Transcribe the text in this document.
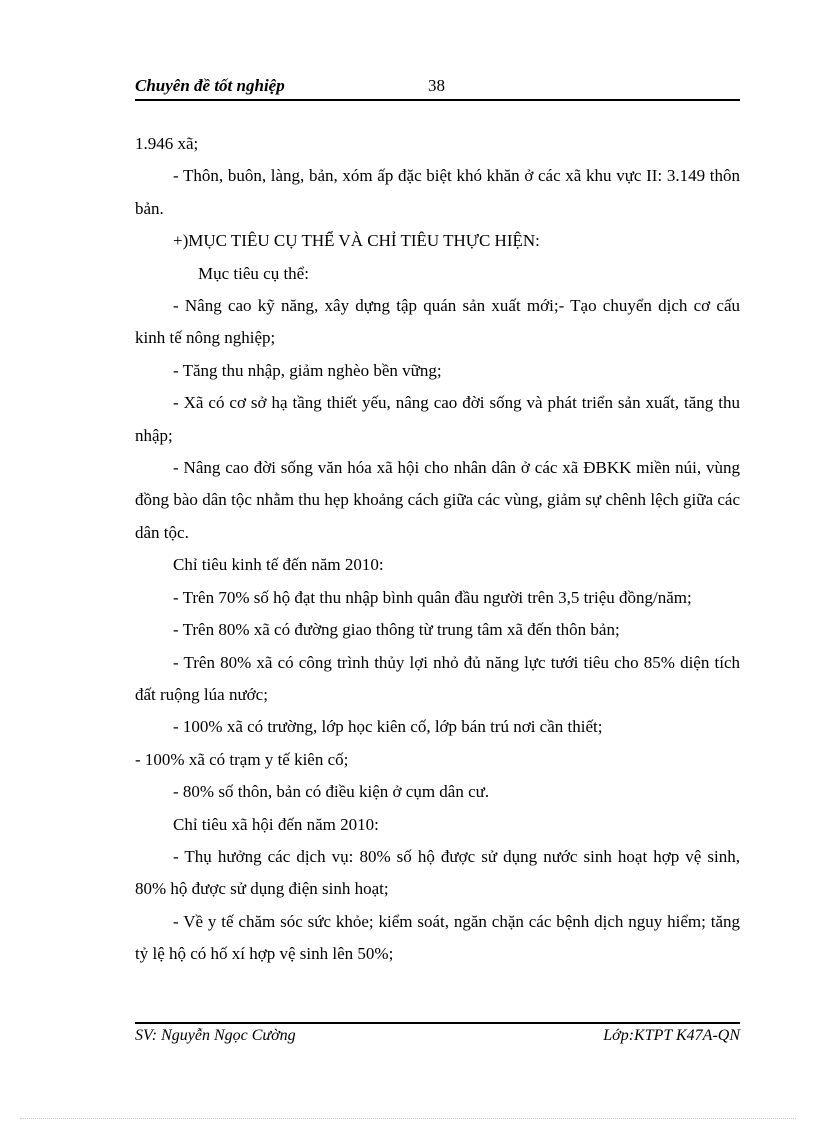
Chuyên đề tốt nghiệp	38

1.946 xã;

- Thôn, buôn, làng, bản, xóm ấp đặc biệt khó khăn ở các xã khu vực II: 3.149 thôn bản.

+)MỤC TIÊU CỤ THỂ VÀ CHỈ TIÊU THỰC HIỆN:

Mục tiêu cụ thể:

- Nâng cao kỹ năng, xây dựng tập quán sản xuất mới;- Tạo chuyển dịch cơ cấu kinh tế nông nghiệp;

- Tăng thu nhập, giảm nghèo bền vững;

- Xã có cơ sở hạ tầng thiết yếu, nâng cao đời sống và phát triển sản xuất, tăng thu nhập;

- Nâng cao đời sống văn hóa xã hội cho nhân dân ở các xã ĐBKK miền núi, vùng đồng bào dân tộc nhằm thu hẹp khoảng cách giữa các vùng, giảm sự chênh lệch giữa các dân tộc.

Chỉ tiêu kinh tế đến năm 2010:

- Trên 70% số hộ đạt thu nhập bình quân đầu người trên 3,5 triệu đồng/năm;

- Trên 80% xã có đường giao thông từ trung tâm xã đến thôn bản;

- Trên 80% xã có công trình thủy lợi nhỏ đủ năng lực tưới tiêu cho 85% diện tích đất ruộng lúa nước;

- 100% xã có trường, lớp học kiên cố, lớp bán trú nơi cần thiết;

- 100% xã có trạm y tế kiên cố;

- 80% số thôn, bản có điều kiện ở cụm dân cư.

Chỉ tiêu xã hội đến năm 2010:

- Thụ hưởng các dịch vụ: 80% số hộ được sử dụng nước sinh hoạt hợp vệ sinh, 80% hộ được sử dụng điện sinh hoạt;

- Về y tế chăm sóc sức khỏe; kiểm soát, ngăn chặn các bệnh dịch nguy hiểm; tăng tỷ lệ hộ có hố xí hợp vệ sinh lên 50%;

SV: Nguyễn Ngọc Cường	Lớp:KTPT K47A-QN
